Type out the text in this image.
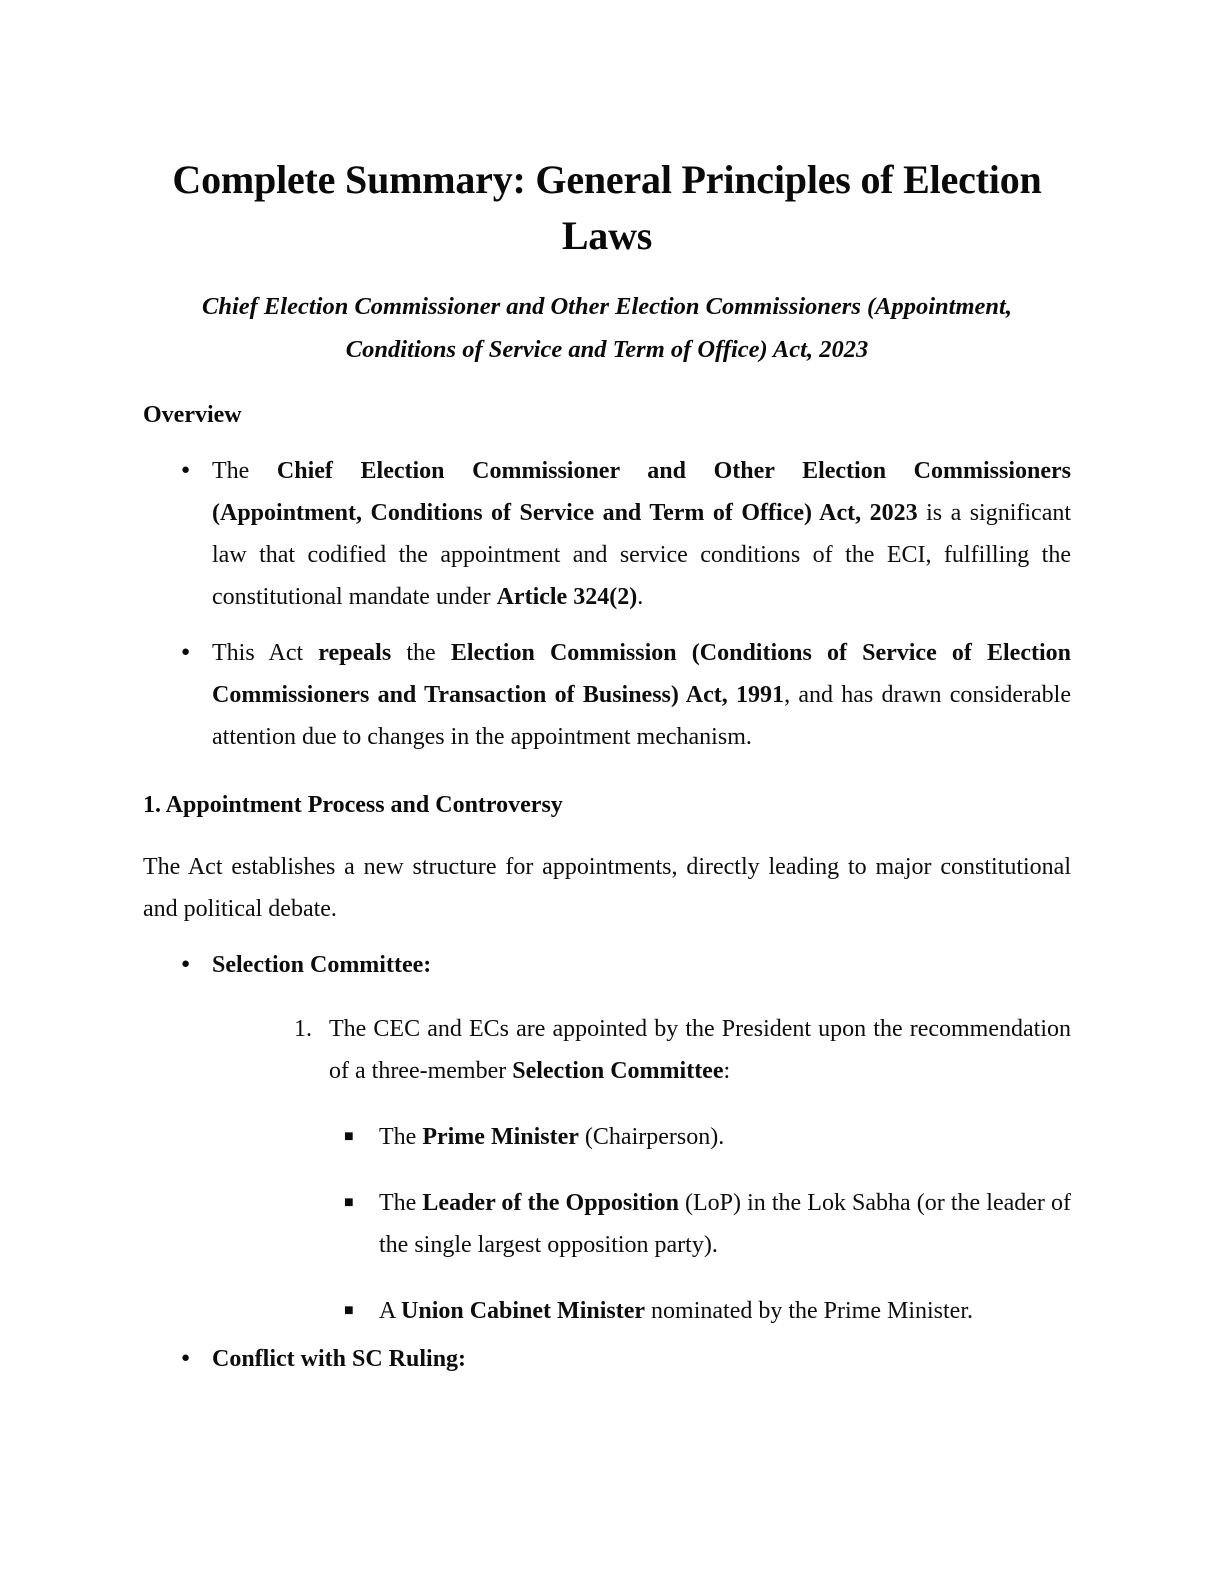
Complete Summary: General Principles of Election Laws

Chief Election Commissioner and Other Election Commissioners (Appointment, Conditions of Service and Term of Office) Act, 2023

Overview
● The Chief Election Commissioner and Other Election Commissioners (Appointment, Conditions of Service and Term of Office) Act, 2023 is a significant law that codified the appointment and service conditions of the ECI, fulfilling the constitutional mandate under Article 324(2).
● This Act repeals the Election Commission (Conditions of Service of Election Commissioners and Transaction of Business) Act, 1991, and has drawn considerable attention due to changes in the appointment mechanism.
1. Appointment Process and Controversy

The Act establishes a new structure for appointments, directly leading to major constitutional and political debate.

● Selection Committee:
1. The CEC and ECs are appointed by the President upon the recommendation of a three-member Selection Committee:
■ The Prime Minister (Chairperson).
■ The Leader of the Opposition (LoP) in the Lok Sabha (or the leader of the single largest opposition party).
■ A Union Cabinet Minister nominated by the Prime Minister.
● Conflict with SC Ruling:
